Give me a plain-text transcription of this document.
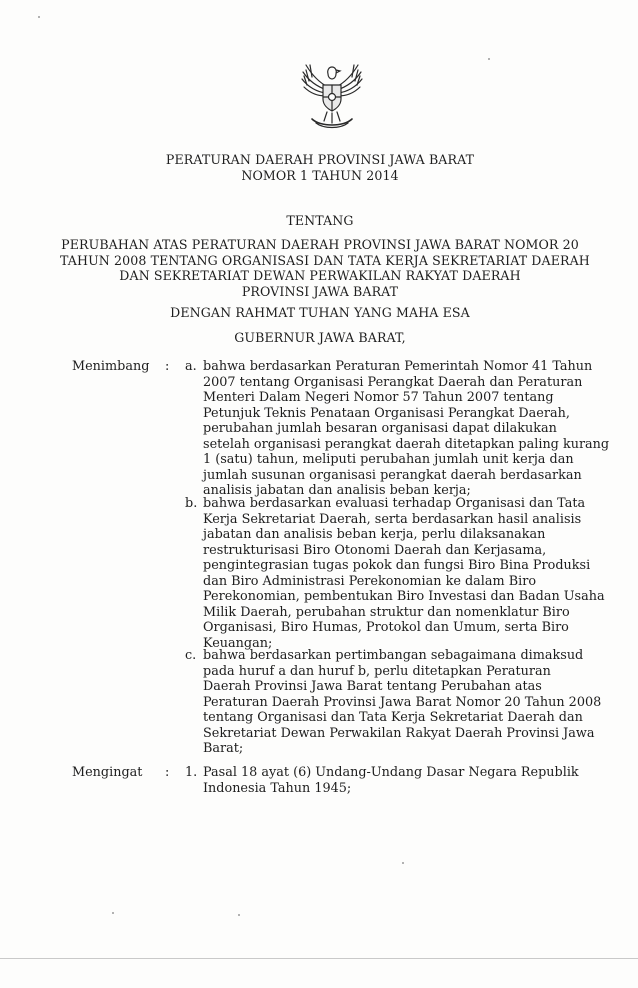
PERATURAN DAERAH PROVINSI JAWA BARAT
NOMOR 1 TAHUN 2014
TENTANG
PERUBAHAN ATAS PERATURAN DAERAH PROVINSI JAWA BARAT NOMOR 20
TAHUN 2008 TENTANG ORGANISASI DAN TATA KERJA SEKRETARIAT DAERAH
DAN SEKRETARIAT DEWAN PERWAKILAN RAKYAT DAERAH
PROVINSI JAWA BARAT
DENGAN RAHMAT TUHAN YANG MAHA ESA
GUBERNUR JAWA BARAT,
Menimbang : a. bahwa berdasarkan Peraturan Pemerintah Nomor 41 Tahun
2007 tentang Organisasi Perangkat Daerah dan Peraturan
Menteri Dalam Negeri Nomor 57 Tahun 2007 tentang
Petunjuk Teknis Penataan Organisasi Perangkat Daerah,
perubahan jumlah besaran organisasi dapat dilakukan
setelah organisasi perangkat daerah ditetapkan paling kurang
1 (satu) tahun, meliputi perubahan jumlah unit kerja dan
jumlah susunan organisasi perangkat daerah berdasarkan
analisis jabatan dan analisis beban kerja;
b. bahwa berdasarkan evaluasi terhadap Organisasi dan Tata
Kerja Sekretariat Daerah, serta berdasarkan hasil analisis
jabatan dan analisis beban kerja, perlu dilaksanakan
restrukturisasi Biro Otonomi Daerah dan Kerjasama,
pengintegrasian tugas pokok dan fungsi Biro Bina Produksi
dan Biro Administrasi Perekonomian ke dalam Biro
Perekonomian, pembentukan Biro Investasi dan Badan Usaha
Milik Daerah, perubahan struktur dan nomenklatur Biro
Organisasi, Biro Humas, Protokol dan Umum, serta Biro
Keuangan;
c. bahwa berdasarkan pertimbangan sebagaimana dimaksud
pada huruf a dan huruf b, perlu ditetapkan Peraturan
Daerah Provinsi Jawa Barat tentang Perubahan atas
Peraturan Daerah Provinsi Jawa Barat Nomor 20 Tahun 2008
tentang Organisasi dan Tata Kerja Sekretariat Daerah dan
Sekretariat Dewan Perwakilan Rakyat Daerah Provinsi Jawa
Barat;
Mengingat : 1. Pasal 18 ayat (6) Undang-Undang Dasar Negara Republik
Indonesia Tahun 1945;
